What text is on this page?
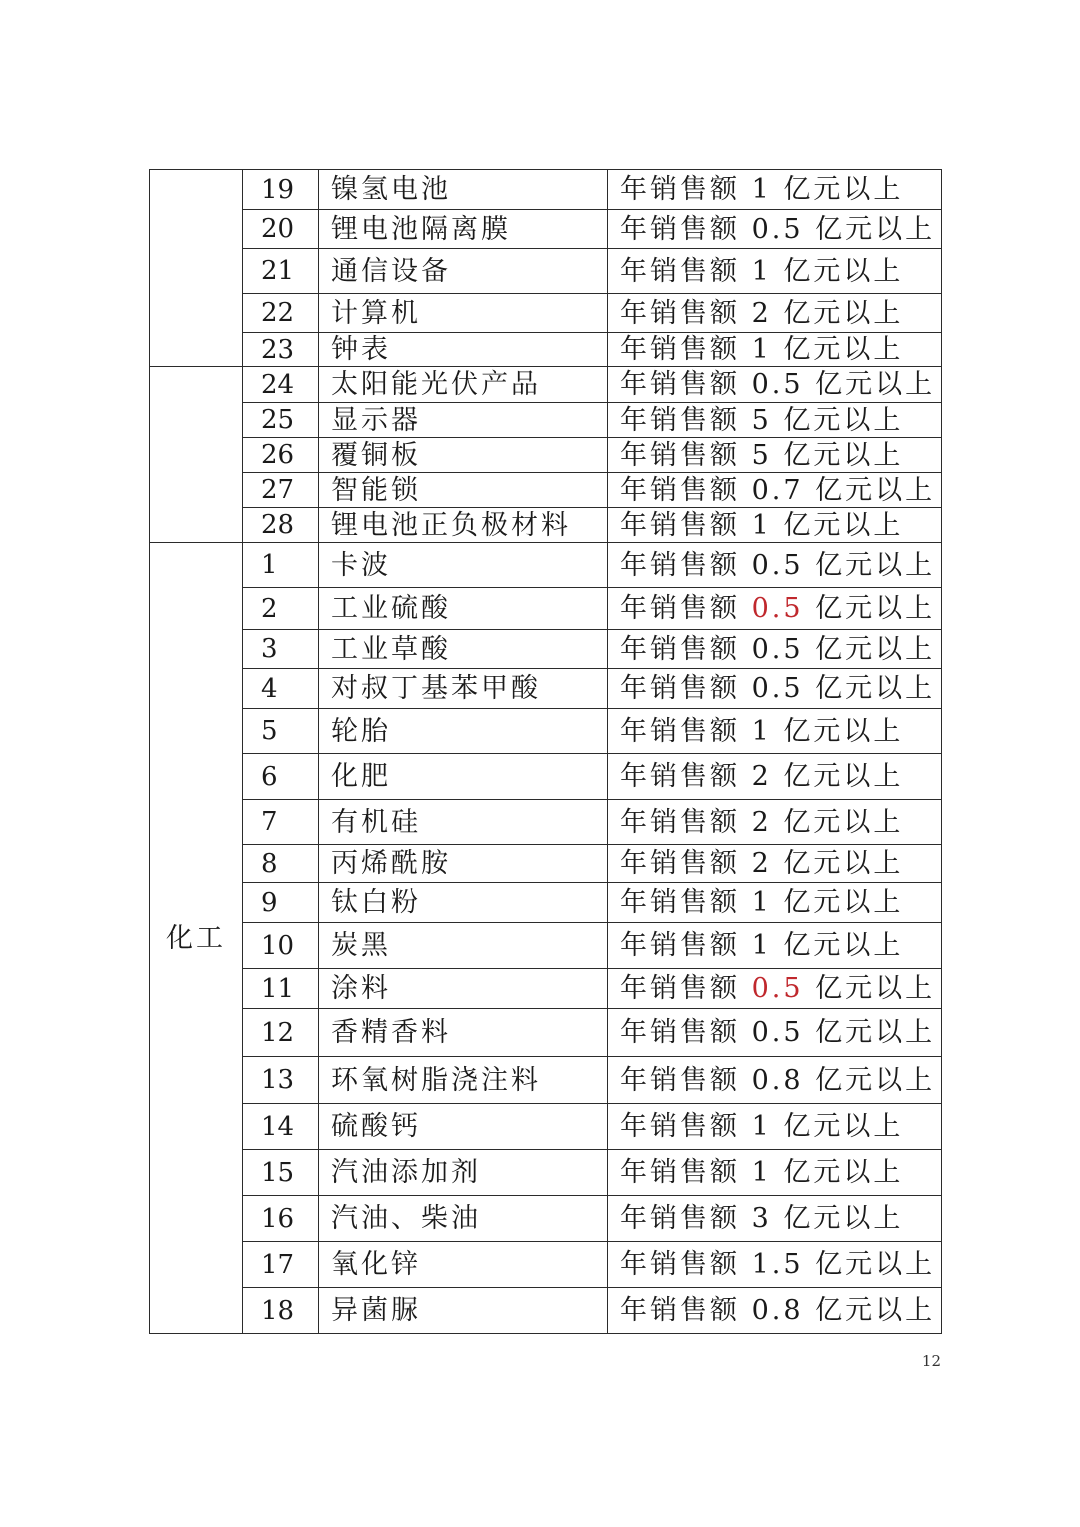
	19	镍氢电池	年销售额 1 亿元以上
	20	锂电池隔离膜	年销售额 0.5 亿元以上
	21	通信设备	年销售额 1 亿元以上
	22	计算机	年销售额 2 亿元以上
	23	钟表	年销售额 1 亿元以上
	24	太阳能光伏产品	年销售额 0.5 亿元以上
	25	显示器	年销售额 5 亿元以上
	26	覆铜板	年销售额 5 亿元以上
	27	智能锁	年销售额 0.7 亿元以上
	28	锂电池正负极材料	年销售额 1 亿元以上
化工	1	卡波	年销售额 0.5 亿元以上
	2	工业硫酸	年销售额 0.5 亿元以上
	3	工业草酸	年销售额 0.5 亿元以上
	4	对叔丁基苯甲酸	年销售额 0.5 亿元以上
	5	轮胎	年销售额 1 亿元以上
	6	化肥	年销售额 2 亿元以上
	7	有机硅	年销售额 2 亿元以上
	8	丙烯酰胺	年销售额 2 亿元以上
	9	钛白粉	年销售额 1 亿元以上
	10	炭黑	年销售额 1 亿元以上
	11	涂料	年销售额 0.5 亿元以上
	12	香精香料	年销售额 0.5 亿元以上
	13	环氧树脂浇注料	年销售额 0.8 亿元以上
	14	硫酸钙	年销售额 1 亿元以上
	15	汽油添加剂	年销售额 1 亿元以上
	16	汽油、柴油	年销售额 3 亿元以上
	17	氧化锌	年销售额 1.5 亿元以上
	18	异菌脲	年销售额 0.8 亿元以上
12
